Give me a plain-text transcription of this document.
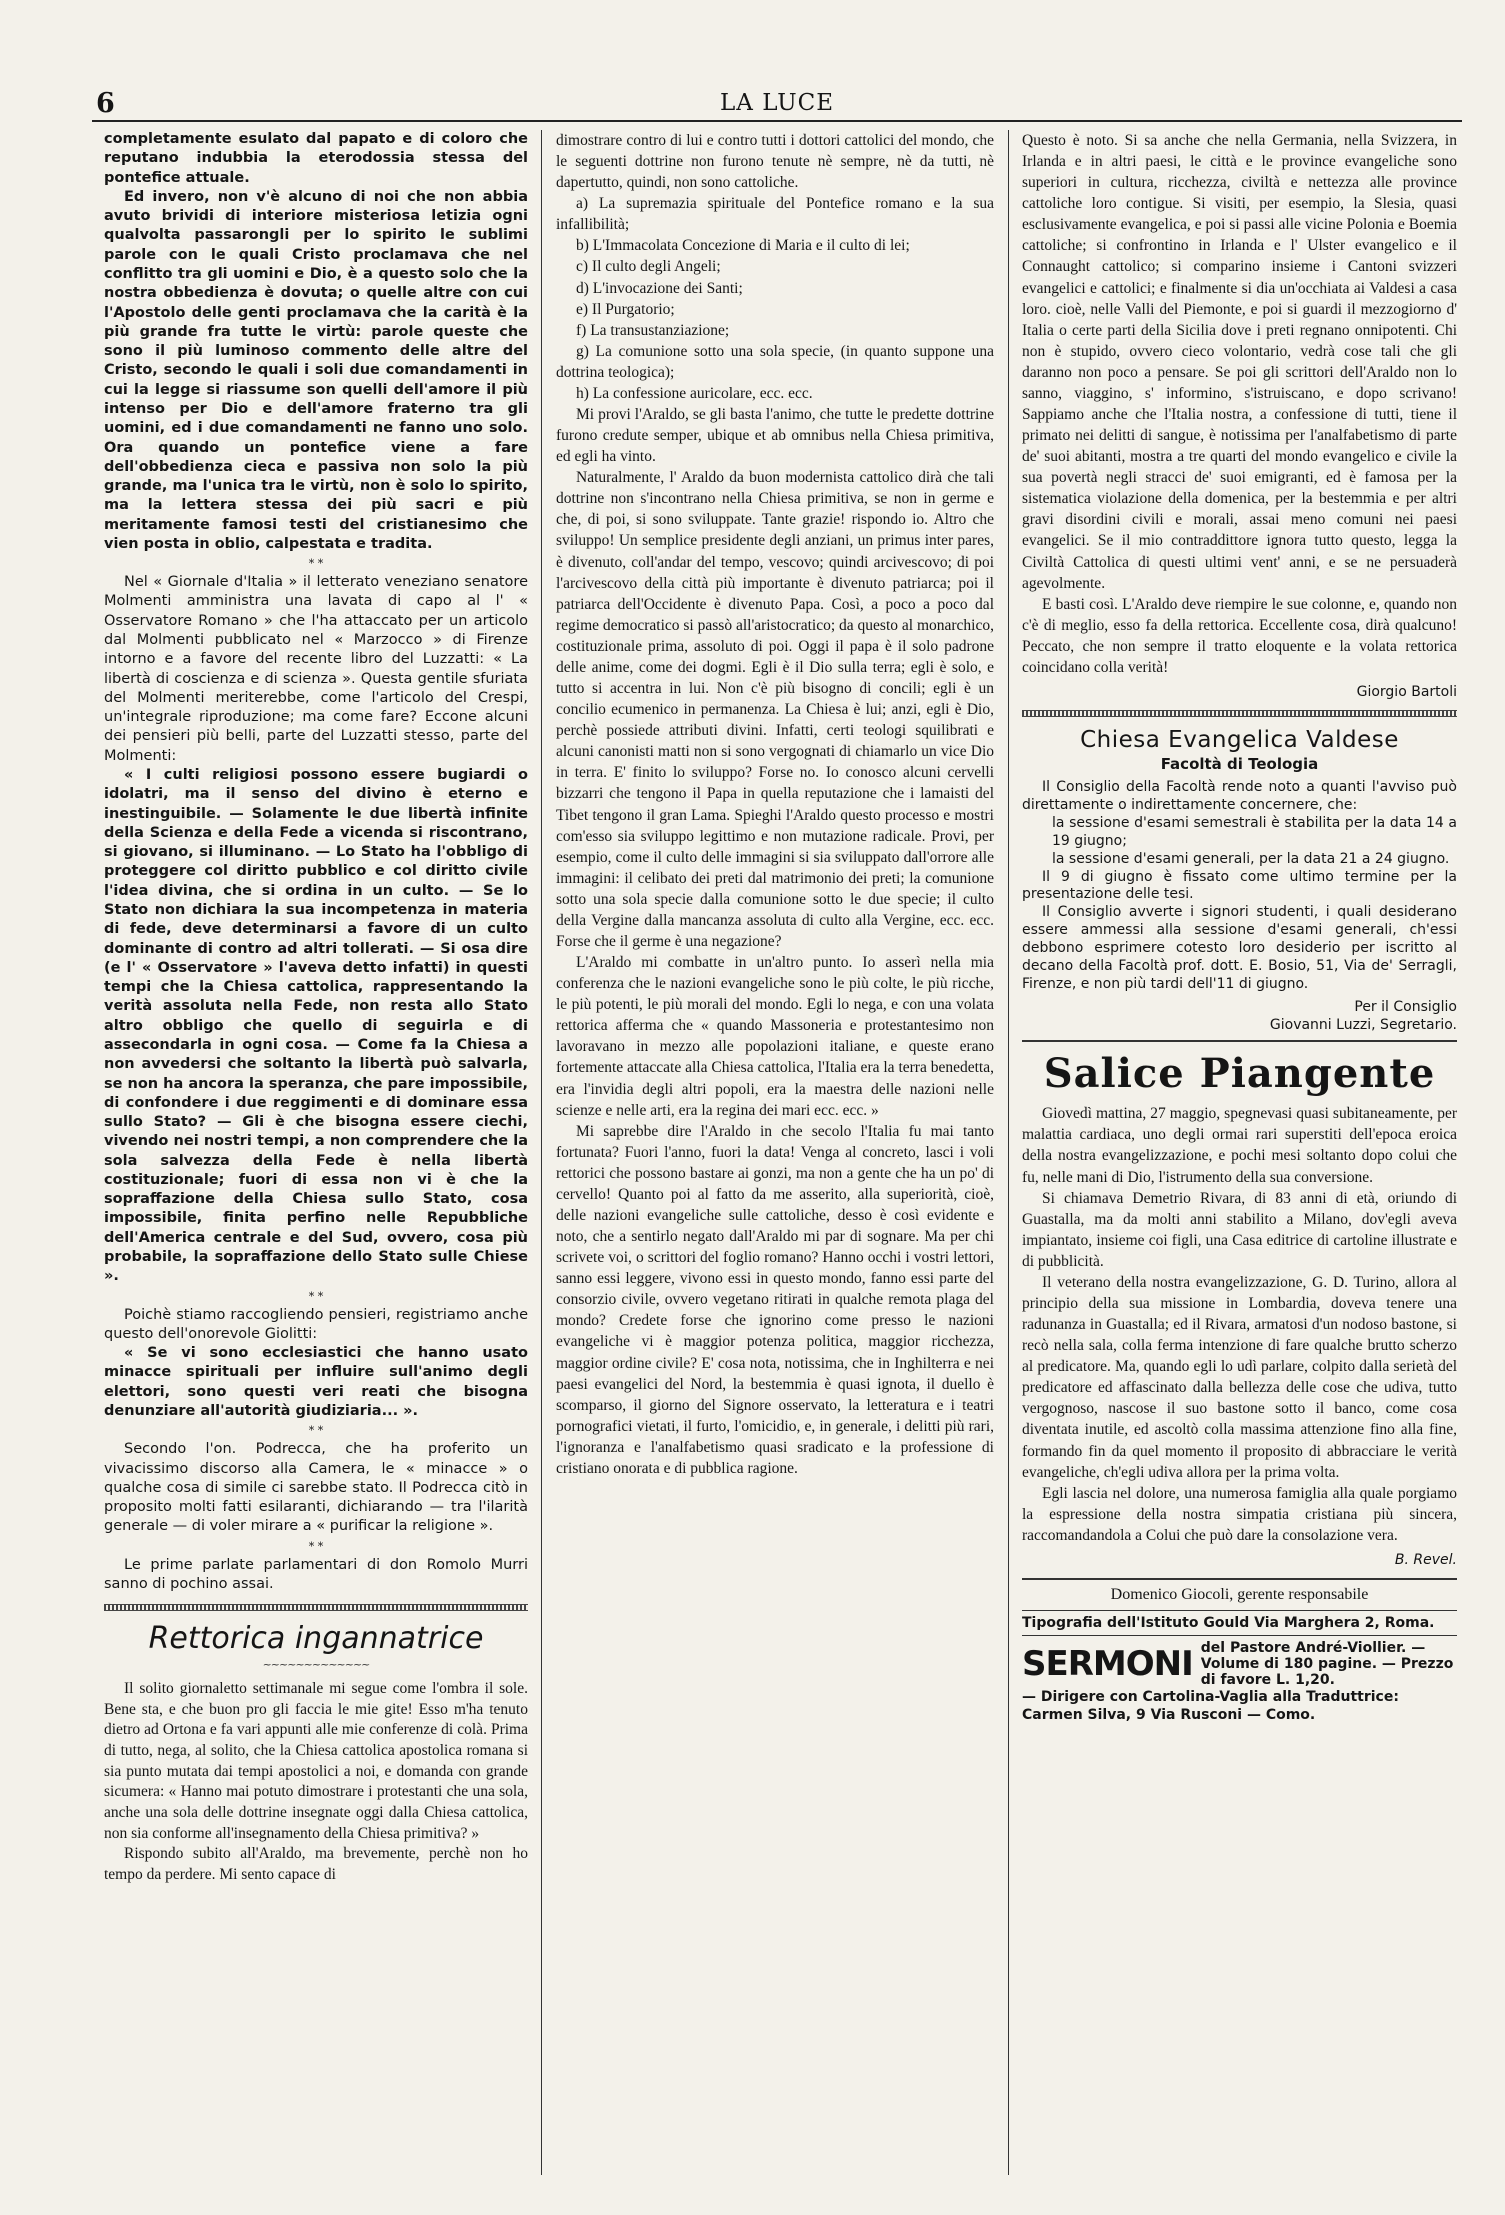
6	LA LUCE

completamente esulato dal papato e di coloro che reputano indubbia la eterodossia stessa del pontefice attuale.

Ed invero, non v'è alcuno di noi che non abbia avuto brividi di interiore misteriosa letizia ogni qualvolta passarongli per lo spirito le sublimi parole con le quali Cristo proclamava che nel conflitto tra gli uomini e Dio, è a questo solo che la nostra obbedienza è dovuta; o quelle altre con cui l'Apostolo delle genti proclamava che la carità è la più grande fra tutte le virtù: parole queste che sono il più luminoso commento delle altre del Cristo, secondo le quali i soli due comandamenti in cui la legge si riassume son quelli dell'amore il più intenso per Dio e dell'amore fraterno tra gli uomini, ed i due comandamenti ne fanno uno solo. Ora quando un pontefice viene a fare dell'obbedienza cieca e passiva non solo la più grande, ma l'unica tra le virtù, non è solo lo spirito, ma la lettera stessa dei più sacri e più meritamente famosi testi del cristianesimo che vien posta in oblio, calpestata e tradita.

* *

Nel « Giornale d'Italia » il letterato veneziano senatore Molmenti amministra una lavata di capo al l' « Osservatore Romano » che l'ha attaccato per un articolo dal Molmenti pubblicato nel « Marzocco » di Firenze intorno e a favore del recente libro del Luzzatti: « La libertà di coscienza e di scienza ». Questa gentile sfuriata del Molmenti meriterebbe, come l'articolo del Crespi, un'integrale riproduzione; ma come fare? Eccone alcuni dei pensieri più belli, parte del Luzzatti stesso, parte del Molmenti:

« I culti religiosi possono essere bugiardi o idolatri, ma il senso del divino è eterno e inestinguibile. — Solamente le due libertà infinite della Scienza e della Fede a vicenda si riscontrano, si giovano, si illuminano. — Lo Stato ha l'obbligo di proteggere col diritto pubblico e col diritto civile l'idea divina, che si ordina in un culto. — Se lo Stato non dichiara la sua incompetenza in materia di fede, deve determinarsi a favore di un culto dominante di contro ad altri tollerati. — Si osa dire (e l' « Osservatore » l'aveva detto infatti) in questi tempi che la Chiesa cattolica, rappresentando la verità assoluta nella Fede, non resta allo Stato altro obbligo che quello di seguirla e di assecondarla in ogni cosa. — Come fa la Chiesa a non avvedersi che soltanto la libertà può salvarla, se non ha ancora la speranza, che pare impossibile, di confondere i due reggimenti e di dominare essa sullo Stato? — Gli è che bisogna essere ciechi, vivendo nei nostri tempi, a non comprendere che la sola salvezza della Fede è nella libertà costituzionale; fuori di essa non vi è che la sopraffazione della Chiesa sullo Stato, cosa impossibile, finita perfino nelle Repubbliche dell'America centrale e del Sud, ovvero, cosa più probabile, la sopraffazione dello Stato sulle Chiese ».

* *

Poichè stiamo raccogliendo pensieri, registriamo anche questo dell'onorevole Giolitti:

« Se vi sono ecclesiastici che hanno usato minacce spirituali per influire sull'animo degli elettori, sono questi veri reati che bisogna denunziare all'autorità giudiziaria... ».

* *

Secondo l'on. Podrecca, che ha proferito un vivacissimo discorso alla Camera, le « minacce » o qualche cosa di simile ci sarebbe stato. Il Podrecca citò in proposito molti fatti esilaranti, dichiarando — tra l'ilarità generale — di voler mirare a « purificar la religione ».

* *

Le prime parlate parlamentari di don Romolo Murri sanno di pochino assai.

Rettorica ingannatrice
~~~~~~~~~~~~~

Il solito giornaletto settimanale mi segue come l'ombra il sole. Bene sta, e che buon pro gli faccia le mie gite! Esso m'ha tenuto dietro ad Ortona e fa vari appunti alle mie conferenze di colà. Prima di tutto, nega, al solito, che la Chiesa cattolica apostolica romana si sia punto mutata dai tempi apostolici a noi, e domanda con grande sicumera: « Hanno mai potuto dimostrare i protestanti che una sola, anche una sola delle dottrine insegnate oggi dalla Chiesa cattolica, non sia conforme all'insegnamento della Chiesa primitiva? »

Rispondo subito all'Araldo, ma brevemente, perchè non ho tempo da perdere. Mi sento capace di

dimostrare contro di lui e contro tutti i dottori cattolici del mondo, che le seguenti dottrine non furono tenute nè sempre, nè da tutti, nè dapertutto, quindi, non sono cattoliche.

a) La supremazia spirituale del Pontefice romano e la sua infallibilità;

b) L'Immacolata Concezione di Maria e il culto di lei;

c) Il culto degli Angeli;

d) L'invocazione dei Santi;

e) Il Purgatorio;

f) La transustanziazione;

g) La comunione sotto una sola specie, (in quanto suppone una dottrina teologica);

h) La confessione auricolare, ecc. ecc.

Mi provi l'Araldo, se gli basta l'animo, che tutte le predette dottrine furono credute semper, ubique et ab omnibus nella Chiesa primitiva, ed egli ha vinto.

Naturalmente, l' Araldo da buon modernista cattolico dirà che tali dottrine non s'incontrano nella Chiesa primitiva, se non in germe e che, di poi, si sono sviluppate. Tante grazie! rispondo io. Altro che sviluppo! Un semplice presidente degli anziani, un primus inter pares, è divenuto, coll'andar del tempo, vescovo; quindi arcivescovo; di poi l'arcivescovo della città più importante è divenuto patriarca; poi il patriarca dell'Occidente è divenuto Papa. Così, a poco a poco dal regime democratico si passò all'aristocratico; da questo al monarchico, costituzionale prima, assoluto di poi. Oggi il papa è il solo padrone delle anime, come dei dogmi. Egli è il Dio sulla terra; egli è solo, e tutto si accentra in lui. Non c'è più bisogno di concili; egli è un concilio ecumenico in permanenza. La Chiesa è lui; anzi, egli è Dio, perchè possiede attributi divini. Infatti, certi teologi squilibrati e alcuni canonisti matti non si sono vergognati di chiamarlo un vice Dio in terra. E' finito lo sviluppo? Forse no. Io conosco alcuni cervelli bizzarri che tengono il Papa in quella reputazione che i lamaisti del Tibet tengono il gran Lama. Spieghi l'Araldo questo processo e mostri com'esso sia sviluppo legittimo e non mutazione radicale. Provi, per esempio, come il culto delle immagini si sia sviluppato dall'orrore alle immagini: il celibato dei preti dal matrimonio dei preti; la comunione sotto una sola specie dalla comunione sotto le due specie; il culto della Vergine dalla mancanza assoluta di culto alla Vergine, ecc. ecc. Forse che il germe è una negazione?

L'Araldo mi combatte in un'altro punto. Io asserì nella mia conferenza che le nazioni evangeliche sono le più colte, le più ricche, le più potenti, le più morali del mondo. Egli lo nega, e con una volata rettorica afferma che « quando Massoneria e protestantesimo non lavoravano in mezzo alle popolazioni italiane, e queste erano fortemente attaccate alla Chiesa cattolica, l'Italia era la terra benedetta, era l'invidia degli altri popoli, era la maestra delle nazioni nelle scienze e nelle arti, era la regina dei mari ecc. ecc. »

Mi saprebbe dire l'Araldo in che secolo l'Italia fu mai tanto fortunata? Fuori l'anno, fuori la data! Venga al concreto, lasci i voli rettorici che possono bastare ai gonzi, ma non a gente che ha un po' di cervello! Quanto poi al fatto da me asserito, alla superiorità, cioè, delle nazioni evangeliche sulle cattoliche, desso è così evidente e noto, che a sentirlo negato dall'Araldo mi par di sognare. Ma per chi scrivete voi, o scrittori del foglio romano? Hanno occhi i vostri lettori, sanno essi leggere, vivono essi in questo mondo, fanno essi parte del consorzio civile, ovvero vegetano ritirati in qualche remota plaga del mondo? Credete forse che ignorino come presso le nazioni evangeliche vi è maggior potenza politica, maggior ricchezza, maggior ordine civile? E' cosa nota, notissima, che in Inghilterra e nei paesi evangelici del Nord, la bestemmia è quasi ignota, il duello è scomparso, il giorno del Signore osservato, la letteratura e i teatri pornografici vietati, il furto, l'omicidio, e, in generale, i delitti più rari, l'ignoranza e l'analfabetismo quasi sradicato e la professione di cristiano onorata e di pubblica ragione.

Questo è noto. Si sa anche che nella Germania, nella Svizzera, in Irlanda e in altri paesi, le città e le province evangeliche sono superiori in cultura, ricchezza, civiltà e nettezza alle province cattoliche loro contigue. Si visiti, per esempio, la Slesia, quasi esclusivamente evangelica, e poi si passi alle vicine Polonia e Boemia cattoliche; si confrontino in Irlanda e l' Ulster evangelico e il Connaught cattolico; si comparino insieme i Cantoni svizzeri evangelici e cattolici; e finalmente si dia un'occhiata ai Valdesi a casa loro. cioè, nelle Valli del Piemonte, e poi si guardi il mezzogiorno d' Italia o certe parti della Sicilia dove i preti regnano onnipotenti. Chi non è stupido, ovvero cieco volontario, vedrà cose tali che gli daranno non poco a pensare. Se poi gli scrittori dell'Araldo non lo sanno, viaggino, s' informino, s'istruiscano, e dopo scrivano! Sappiamo anche che l'Italia nostra, a confessione di tutti, tiene il primato nei delitti di sangue, è notissima per l'analfabetismo di parte de' suoi abitanti, mostra a tre quarti del mondo evangelico e civile la sua povertà negli stracci de' suoi emigranti, ed è famosa per la sistematica violazione della domenica, per la bestemmia e per altri gravi disordini civili e morali, assai meno comuni nei paesi evangelici. Se il mio contraddittore ignora tutto questo, legga la Civiltà Cattolica di questi ultimi vent' anni, e se ne persuaderà agevolmente.

E basti così. L'Araldo deve riempire le sue colonne, e, quando non c'è di meglio, esso fa della rettorica. Eccellente cosa, dirà qualcuno! Peccato, che non sempre il tratto eloquente e la volata rettorica coincidano colla verità!

Giorgio Bartoli
Chiesa Evangelica Valdese
Facoltà di Teologia

Il Consiglio della Facoltà rende noto a quanti l'avviso può direttamente o indirettamente concernere, che:

la sessione d'esami semestrali è stabilita per la data 14 a 19 giugno;

la sessione d'esami generali, per la data 21 a 24 giugno.

Il 9 di giugno è fissato come ultimo termine per la presentazione delle tesi.

Il Consiglio avverte i signori studenti, i quali desiderano essere ammessi alla sessione d'esami generali, ch'essi debbono esprimere cotesto loro desiderio per iscritto al decano della Facoltà prof. dott. E. Bosio, 51, Via de' Serragli, Firenze, e non più tardi dell'11 di giugno.

Per il Consiglio
Giovanni Luzzi, Segretario.
Salice Piangente

Giovedì mattina, 27 maggio, spegnevasi quasi subitaneamente, per malattia cardiaca, uno degli ormai rari superstiti dell'epoca eroica della nostra evangelizzazione, e pochi mesi soltanto dopo colui che fu, nelle mani di Dio, l'istrumento della sua conversione.

Si chiamava Demetrio Rivara, di 83 anni di età, oriundo di Guastalla, ma da molti anni stabilito a Milano, dov'egli aveva impiantato, insieme coi figli, una Casa editrice di cartoline illustrate e di pubblicità.

Il veterano della nostra evangelizzazione, G. D. Turino, allora al principio della sua missione in Lombardia, doveva tenere una radunanza in Guastalla; ed il Rivara, armatosi d'un nodoso bastone, si recò nella sala, colla ferma intenzione di fare qualche brutto scherzo al predicatore. Ma, quando egli lo udì parlare, colpito dalla serietà del predicatore ed affascinato dalla bellezza delle cose che udiva, tutto vergognoso, nascose il suo bastone sotto il banco, come cosa diventata inutile, ed ascoltò colla massima attenzione fino alla fine, formando fin da quel momento il proposito di abbracciare le verità evangeliche, ch'egli udiva allora per la prima volta.

Egli lascia nel dolore, una numerosa famiglia alla quale porgiamo la espressione della nostra simpatia cristiana più sincera, raccomandandola a Colui che può dare la consolazione vera.

B. Revel.
Domenico Giocoli, gerente responsabile
Tipografia dell'Istituto Gould Via Marghera 2, Roma.
SERMONI del Pastore André-Viollier. — Volume di 180 pagine. — Prezzo di favore L. 1,20.
— Dirigere con Cartolina-Vaglia alla Traduttrice: Carmen Silva, 9 Via Rusconi — Como.
